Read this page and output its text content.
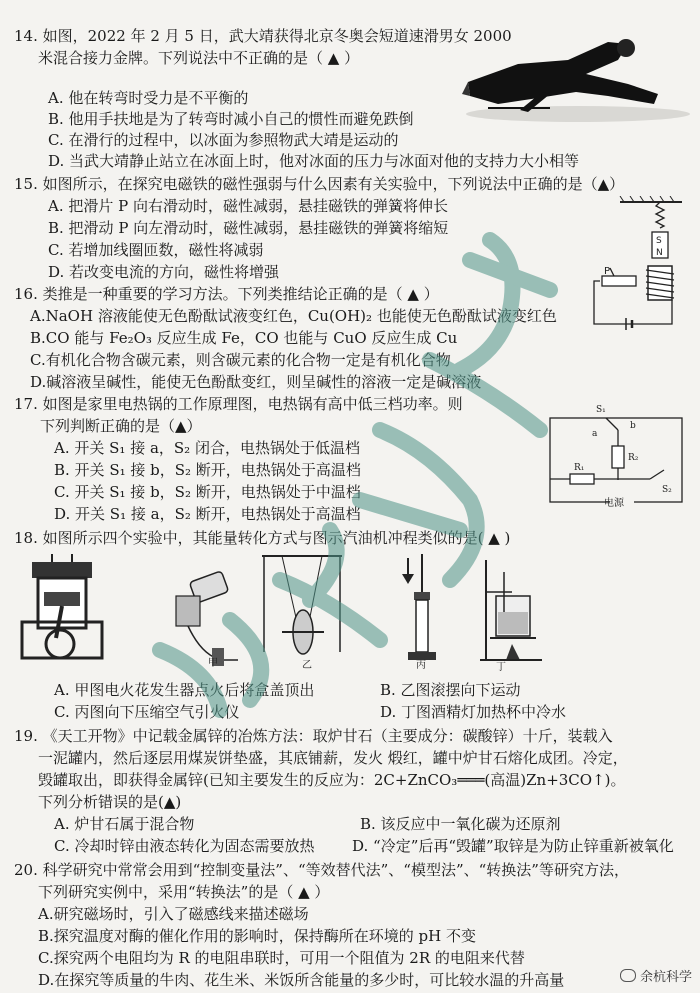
14. 如图，2022 年 2 月 5 日，武大靖获得北京冬奥会短道速滑男女 2000
米混合接力金牌。下列说法中不正确的是（ ▲ ）
A. 他在转弯时受力是不平衡的
B. 他用手扶地是为了转弯时减小自己的惯性而避免跌倒
C. 在滑行的过程中，以冰面为参照物武大靖是运动的
D. 当武大靖静止站立在冰面上时，他对冰面的压力与冰面对他的支持力大小相等
15. 如图所示，在探究电磁铁的磁性强弱与什么因素有关实验中，下列说法中正确的是（▲）
A. 把滑片 P 向右滑动时，磁性减弱，悬挂磁铁的弹簧将伸长
B. 把滑动 P 向左滑动时，磁性减弱，悬挂磁铁的弹簧将缩短
C. 若增加线圈匝数，磁性将减弱
D. 若改变电流的方向，磁性将增强
S
N
P
16. 类推是一种重要的学习方法。下列类推结论正确的是（ ▲ ）
A.NaOH 溶液能使无色酚酞试液变红色，Cu(OH)₂ 也能使无色酚酞试液变红色
B.CO 能与 Fe₂O₃ 反应生成 Fe，CO 也能与 CuO 反应生成 Cu
C.有机化合物含碳元素，则含碳元素的化合物一定是有机化合物
D.碱溶液呈碱性，能使无色酚酞变红，则呈碱性的溶液一定是碱溶液
17. 如图是家里电热锅的工作原理图，电热锅有高中低三档功率。则
下列判断正确的是（▲）
A. 开关 S₁ 接 a，S₂ 闭合，电热锅处于低温档
B. 开关 S₁ 接 b，S₂ 断开，电热锅处于高温档
C. 开关 S₁ 接 b，S₂ 断开，电热锅处于中温档
D. 开关 S₁ 接 a，S₂ 断开，电热锅处于高温档
S₁
a
b
R₂
R₁
S₂
电源
18. 如图所示四个实验中，其能量转化方式与图示汽油机冲程类似的是( ▲ )
甲	乙	丙	丁
A. 甲图电火花发生器点火后将盒盖顶出	B. 乙图滚摆向下运动
C. 丙图向下压缩空气引火仪	D. 丁图酒精灯加热杯中冷水
19. 《天工开物》中记载金属锌的冶炼方法：取炉甘石（主要成分：碳酸锌）十斤，装载入
一泥罐内，然后逐层用煤炭饼垫盛，其底铺薪，发火 煅红，罐中炉甘石熔化成团。冷定，
毁罐取出，即获得金属锌(已知主要发生的反应为：2C+ZnCO₃═══(高温)Zn+3CO↑)。
下列分析错误的是(▲)
A. 炉甘石属于混合物	B. 该反应中一氧化碳为还原剂
C. 冷却时锌由液态转化为固态需要放热	D. “冷定”后再“毁罐”取锌是为防止锌重新被氧化
20. 科学研究中常常会用到“控制变量法”、“等效替代法”、“模型法”、“转换法”等研究方法，
下列研究实例中，采用“转换法”的是（ ▲ ）
A.研究磁场时，引入了磁感线来描述磁场
B.探究温度对酶的催化作用的影响时，保持酶所在环境的 pH 不变
C.探究两个电阻均为 R 的电阻串联时，可用一个阻值为 2R 的电阻来代替
D.在探究等质量的牛肉、花生米、米饭所含能量的多少时，可比较水温的升高量	余杭科学
